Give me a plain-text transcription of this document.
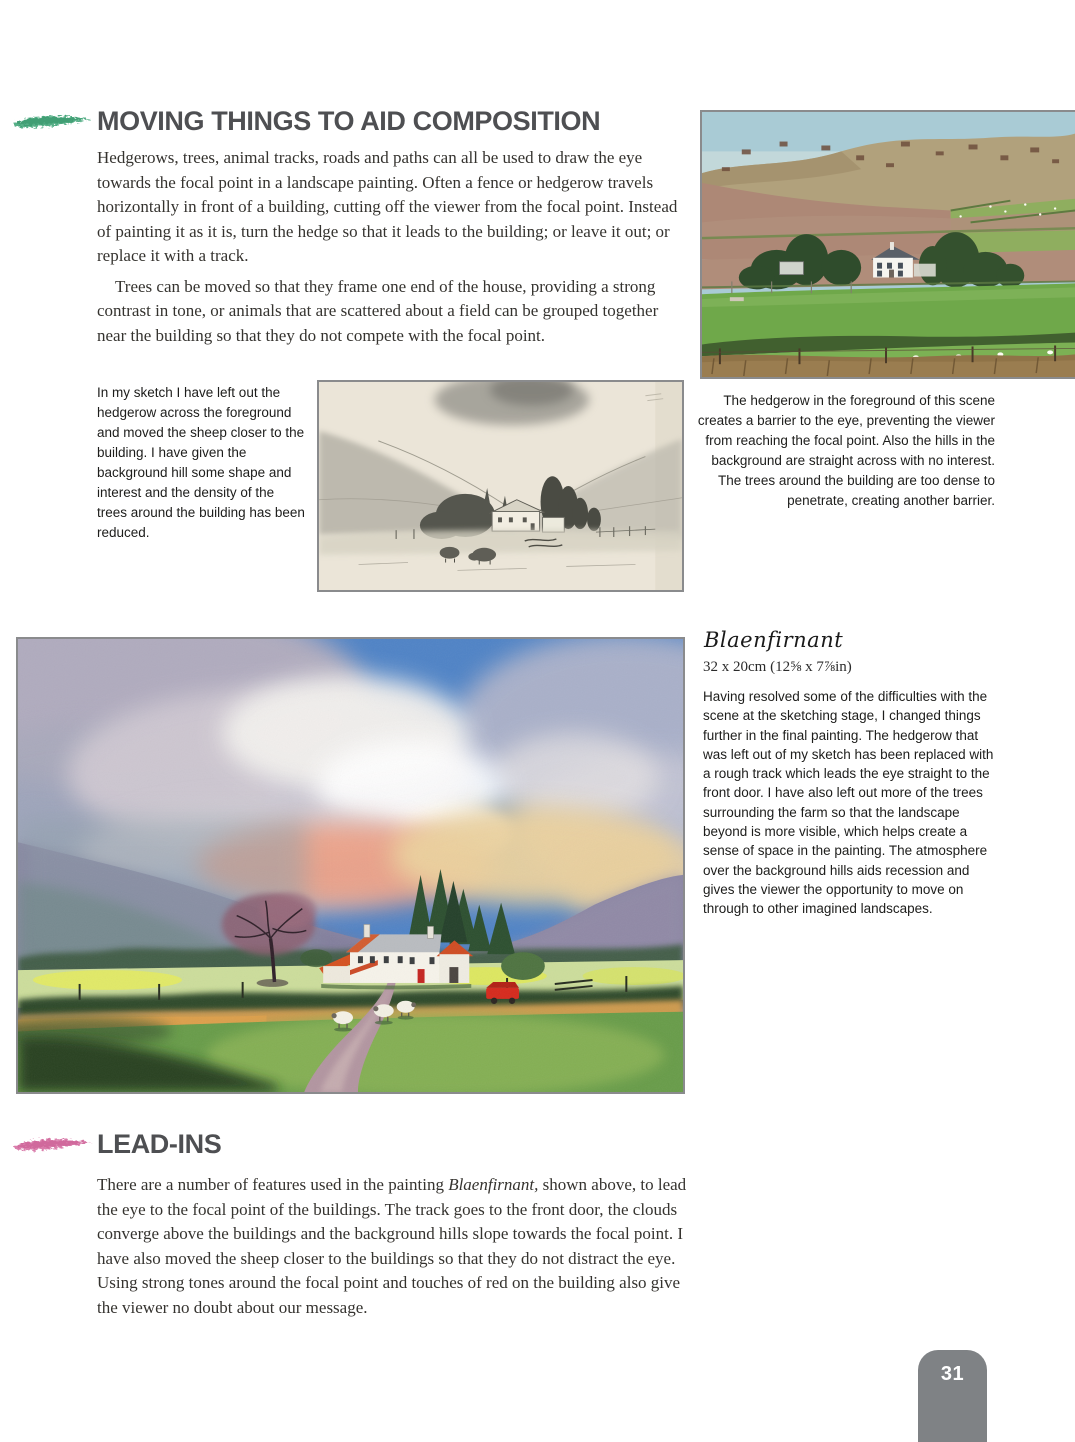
MOVING THINGS TO AID COMPOSITION

Hedgerows, trees, animal tracks, roads and paths can all be used to draw the eye towards the focal point in a landscape painting. Often a fence or hedgerow travels horizontally in front of a building, cutting off the viewer from the focal point. Instead of painting it as it is, turn the hedge so that it leads to the building; or leave it out; or replace it with a track.

Trees can be moved so that they frame one end of the house, providing a strong contrast in tone, or animals that are scattered about a field can be grouped together near the building so that they do not compete with the focal point.

The hedgerow in the foreground of this scene creates a barrier to the eye, preventing the viewer from reaching the focal point. Also the hills in the background are straight across with no interest. The trees around the building are too dense to penetrate, creating another barrier.
In my sketch I have left out the hedgerow across the foreground and moved the sheep closer to the building. I have given the background hill some shape and interest and the density of the trees around the building has been reduced.
Blaenfirnant
32 x 20cm (12⅝ x 7⅞in)
Having resolved some of the difficulties with the scene at the sketching stage, I changed things further in the final painting. The hedgerow that was left out of my sketch has been replaced with a rough track which leads the eye straight to the front door. I have also left out more of the trees surrounding the farm so that the landscape beyond is more visible, which helps create a sense of space in the painting. The atmosphere over the background hills aids recession and gives the viewer the opportunity to move on through to other imagined landscapes.
LEAD-INS

There are a number of features used in the painting Blaenfirnant, shown above, to lead the eye to the focal point of the buildings. The track goes to the front door, the clouds converge above the buildings and the background hills slope towards the focal point. I have also moved the sheep closer to the buildings so that they do not distract the eye. Using strong tones around the focal point and touches of red on the building also give the viewer no doubt about our message.

31
